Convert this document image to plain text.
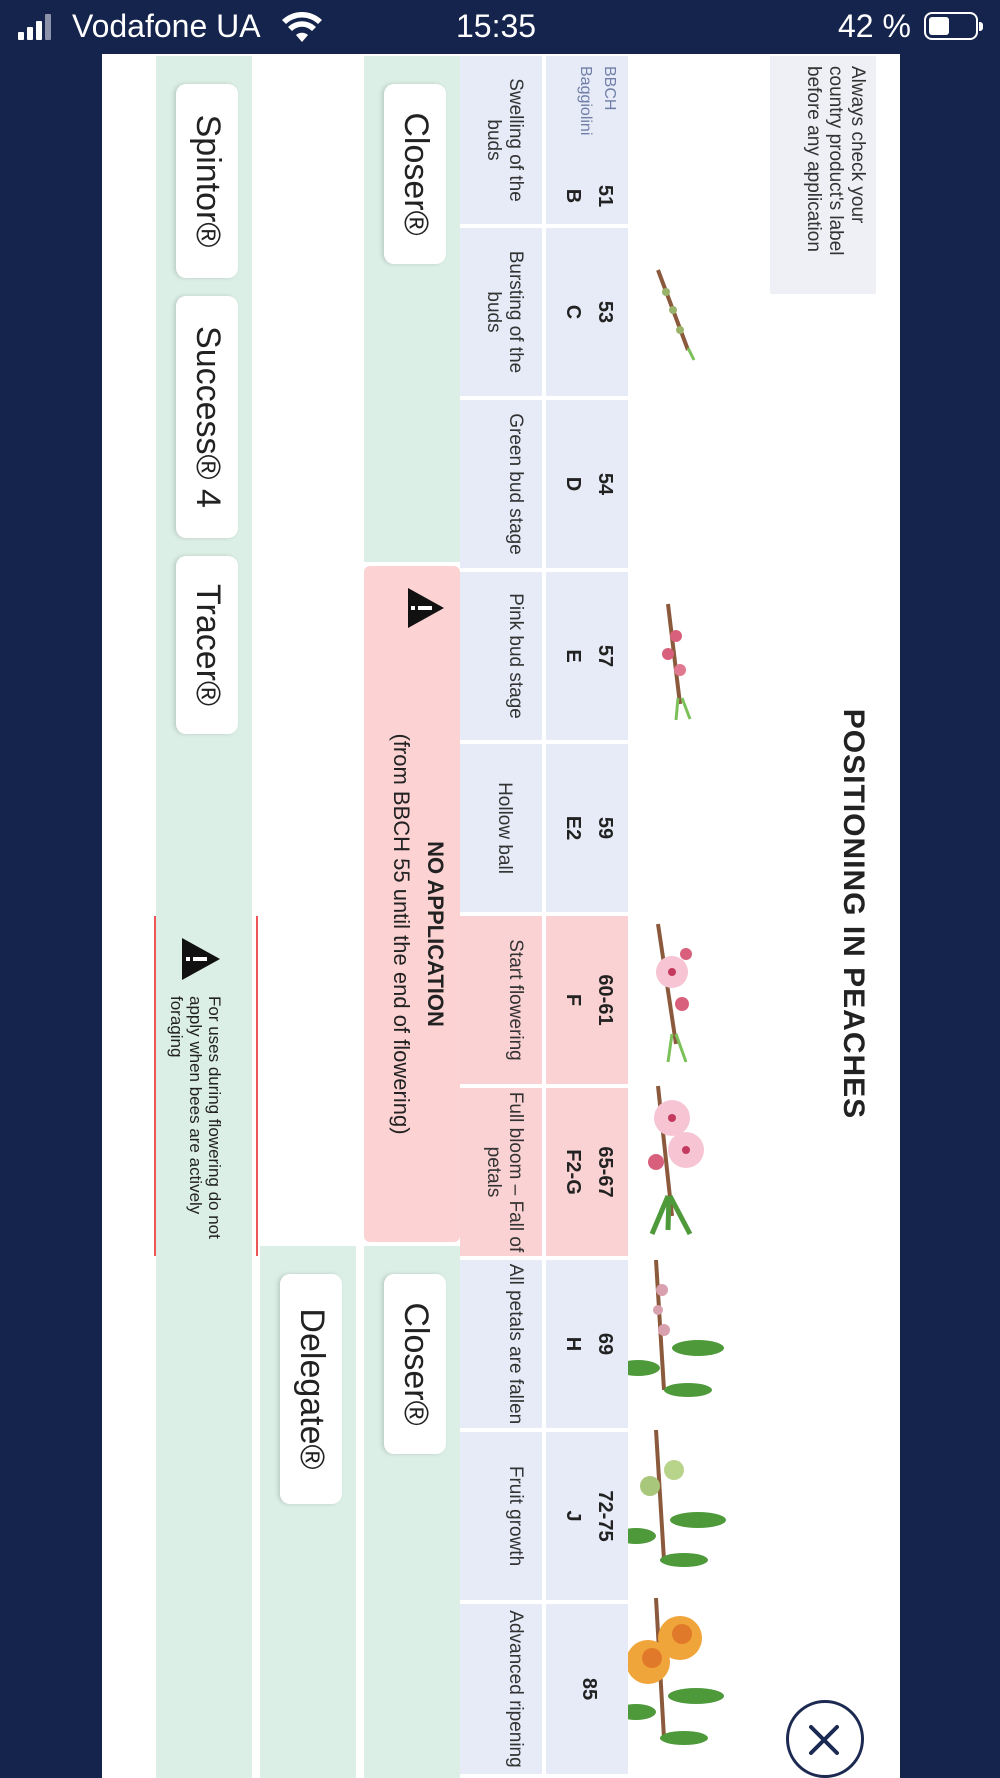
Vodafone UA	15:35	42 %
Always check your country product's label before any application
POSITIONING IN PEACHES
BBCH
Baggiolini
51
B
53
C
54
D
57
E
59
E2
60-61
F
65-67
F2-G
69
H
72-75
J
85
Swelling of the buds
Bursting of the buds
Green bud stage
Pink bud stage
Hollow ball
Start flowering
Full bloom – Fall of petals
All petals are fallen
Fruit growth
Advanced ripening
Closer®
NO APPLICATION
(from BBCH 55 until the end of flowering)
Closer®
Delegate®
Spintor®
Success® 4
Tracer®
For uses during flowering do not apply when bees are actively foraging
